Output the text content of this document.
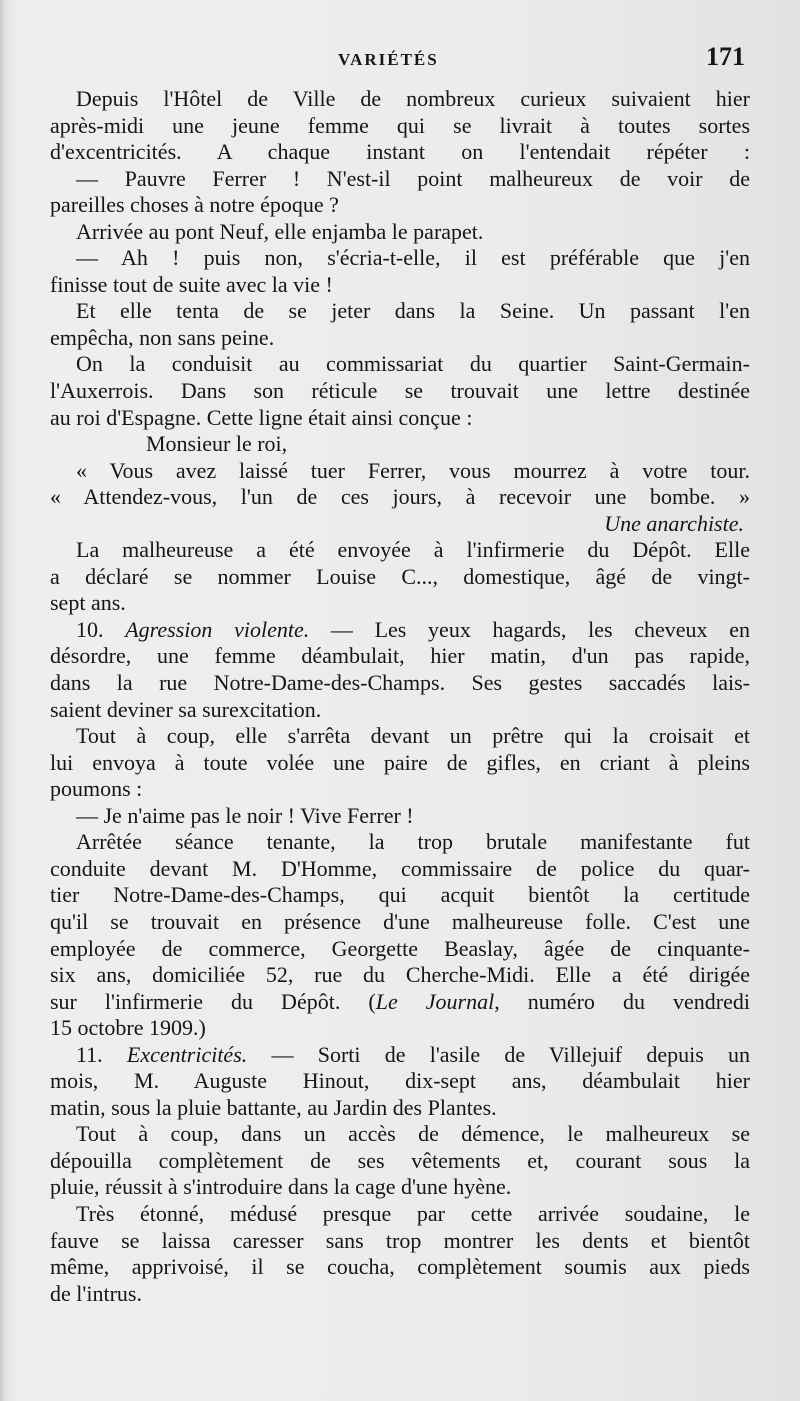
VARIÉTÉS	171
Depuis l'Hôtel de Ville de nombreux curieux suivaient hier
après-midi une jeune femme qui se livrait à toutes sortes
d'excentricités. A chaque instant on l'entendait répéter :
— Pauvre Ferrer ! N'est-il point malheureux de voir de
pareilles choses à notre époque ?
Arrivée au pont Neuf, elle enjamba le parapet.
— Ah ! puis non, s'écria-t-elle, il est préférable que j'en
finisse tout de suite avec la vie !
Et elle tenta de se jeter dans la Seine. Un passant l'en
empêcha, non sans peine.
On la conduisit au commissariat du quartier Saint-Germain-
l'Auxerrois. Dans son réticule se trouvait une lettre destinée
au roi d'Espagne. Cette ligne était ainsi conçue :
Monsieur le roi,
« Vous avez laissé tuer Ferrer, vous mourrez à votre tour.
« Attendez-vous, l'un de ces jours, à recevoir une bombe. »
Une anarchiste.
La malheureuse a été envoyée à l'infirmerie du Dépôt. Elle
a déclaré se nommer Louise C..., domestique, âgé de vingt-
sept ans.
10. Agression violente. — Les yeux hagards, les cheveux en
désordre, une femme déambulait, hier matin, d'un pas rapide,
dans la rue Notre-Dame-des-Champs. Ses gestes saccadés lais-
saient deviner sa surexcitation.
Tout à coup, elle s'arrêta devant un prêtre qui la croisait et
lui envoya à toute volée une paire de gifles, en criant à pleins
poumons :
— Je n'aime pas le noir ! Vive Ferrer !
Arrêtée séance tenante, la trop brutale manifestante fut
conduite devant M. D'Homme, commissaire de police du quar-
tier Notre-Dame-des-Champs, qui acquit bientôt la certitude
qu'il se trouvait en présence d'une malheureuse folle. C'est une
employée de commerce, Georgette Beaslay, âgée de cinquante-
six ans, domiciliée 52, rue du Cherche-Midi. Elle a été dirigée
sur l'infirmerie du Dépôt. (Le Journal, numéro du vendredi
15 octobre 1909.)
11. Excentricités. — Sorti de l'asile de Villejuif depuis un
mois, M. Auguste Hinout, dix-sept ans, déambulait hier
matin, sous la pluie battante, au Jardin des Plantes.
Tout à coup, dans un accès de démence, le malheureux se
dépouilla complètement de ses vêtements et, courant sous la
pluie, réussit à s'introduire dans la cage d'une hyène.
Très étonné, médusé presque par cette arrivée soudaine, le
fauve se laissa caresser sans trop montrer les dents et bientôt
même, apprivoisé, il se coucha, complètement soumis aux pieds
de l'intrus.
